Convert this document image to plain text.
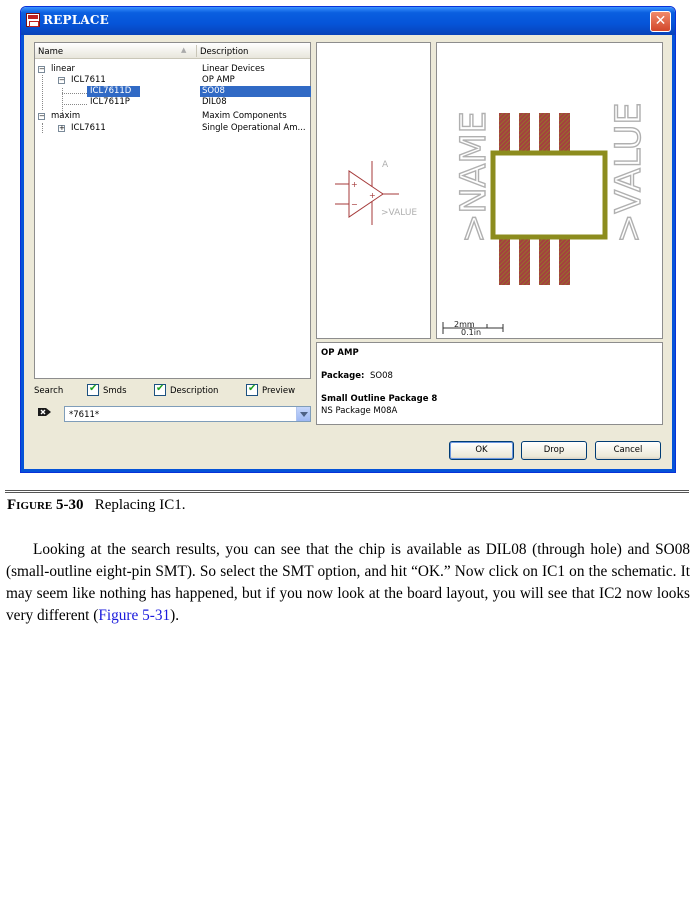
REPLACE	✕
Name	▲ Description
− linear	Linear Devices
− ICL7611	OP AMP
ICL7611D	SO08
ICL7611P	DIL08
− maxim	Maxim Components
+ ICL7611	Single Operational Am...
Search ✔	Smds ✔	Description ✔	Preview
*7611*
+
−
+
A
>VALUE >NAME	>VALUE
2mm
0.1in
OP AMP
Package: SO08
Small Outline Package 8
NS Package M08A
OK	Drop	Cancel
Figure 5-30 Replacing IC1.
Looking at the search results, you can see that the chip is available as DIL08 (through hole) and SO08 (small-outline eight-pin SMT). So select the SMT option, and hit “OK.” Now click on IC1 on the schematic. It may seem like nothing has happened, but if you now look at the board layout, you will see that IC2 now looks very different (Figure 5-31).
